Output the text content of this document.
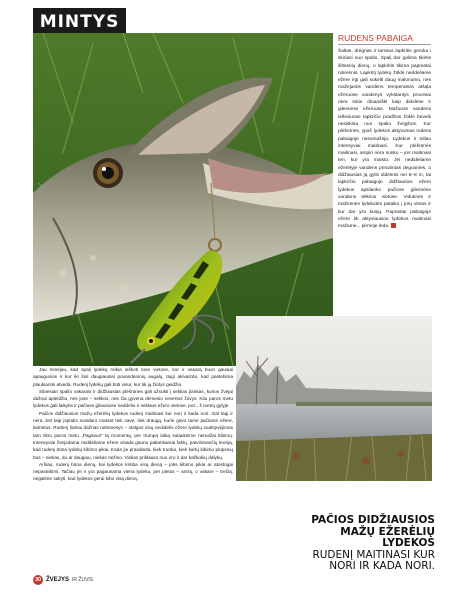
MINTYS
RUDENS PABAIGA
Šaltas, drėgnas ir tamsus lapkritis geroka i skiriasi nuo spalio. Spalį dar galima tikėtis šiltesnių dienų, o lapkritis tikima paprastai niūresnis. Lapkritį lydekų žūklė neddeliame ežere irgi gali sukelti daug malonumo, nes mažėjantis vandens temperatūra atšąla ežeruose vandenys vykstantys procesai nėra tokie dinamiški kaip didelėse ir gilesnėse ežeruose. Mažuose vandens telkiniuose lapkričio pradžios žūklė beveik nesiskiria nuo spalio žvejybos. Kur plėšrūnės, ypač lydekos aktyvumas rudens pabaigoje nesumažėja. Lydekos ir toliau intensyviai maitinasi. Kur plėšrūnės maitinasi, ampiri nėra sunku – jos maitinasi ten, kur yra maisto. Jei nedideliame ežerėlyje vandens prisotintas deguonies, o didžiausias ją gylis didesnis nei 6–8 m, tai lapkričio pabaigoje didžiausios ežero lydekos apsilanko pačiose gilesnėse vandens telkinio vietose. Vidutinės ir mažesnės lydekutės pataiko į jūrų vietas ir kur dar yra kuojų. Paprastai pabaigoje ežere tik aktyviausios lydekos maitinasi mažame... pirmoje leda.

Jau minėjau, kad spalį lydekų reikia ieškoti tose vietose, kur ir vasarą buvo gausiai apaugusios ir kur iki šiol daugiausiai povandeninių augalų, taigi akivaizdu, kad pastebima plaukiantis atveda. Rudenį lydekų gali būti visur, kur tik jų žirdys geidžia.

Sibiesian spalio vakarais ir didžiausias plėšrūnės gali užsukti į seklias įlankas, kurios žvejai dažnai apleidžia, nes jose – seklios, nes čia gyvena dėmesio nevertos žuvys. Kitu paros metu lydekos gali laikytis ir pačiose gilausiose neddelio ir seklaus ežero vietose, pvz., š metrų gylyje.

Pačios didžiausios mažų ežerėlių lydekos rudenį maitinasi kur nori ir kada nori. Gal taip ir nėra, bet taip įspūdis susidaro matant tiek save, tiek draugų, kurie gavo tame pačiame ežere, laimėtus. Rudenį šalnai dažnas nebūnesys – stalgus visų nedidelio ežero lydekų suaktyvėjimas tam tikru paros metu „Pagavus" tą momentą, per trumpą laiką sulauksime nemažai kibimų. Intensyviai žvejodama neddeliame ežere visada gaunu pakankamai faktų, patvirtinančių teoriją, kad rudenį būna lydekų kibimo pikai. Kada jie prasideda, kiek trunka, kiek kartų kibimo piūpsnių bus – niekas, du ar daugiau, niekas nežino. Viskas priklauso nuo oro ir dar kažkokių dalykų.

Aršiau, rudenį būna dienų, kai lydekos kimba visą dieną – joks kibimo pikai ar atostogai nepastebimi. Tačiau jei ir yra pagaunama viena lydeka, per pietus – antrą, o vakare – trečią, negalime sakyti, kad lydekos gerai kibo visą dieną.

PAČIOS DIDŽIAUSIOS
MAŽŲ EŽERĖLIŲ LYDEKOS
RUDENĮ MAITINASI KUR
NORI IR KADA NORI.
30 ŽVEJYS IR ŽUVIS
